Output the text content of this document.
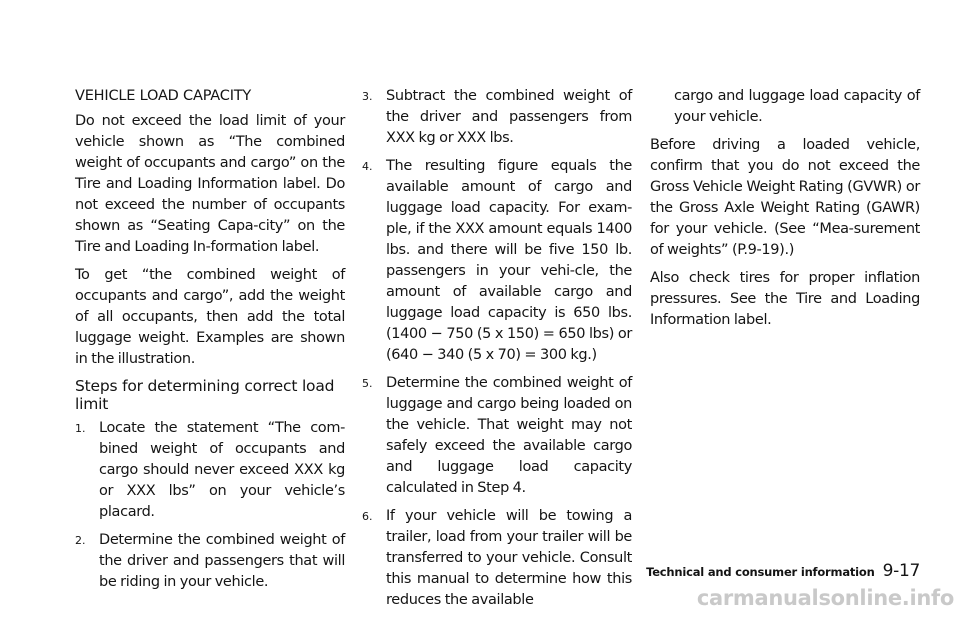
VEHICLE LOAD CAPACITY

Do not exceed the load limit of your vehicle shown as “The combined weight of occupants and cargo” on the Tire and Loading Information label. Do not exceed the number of occupants shown as “Seating Capa-city” on the Tire and Loading In-formation label.

To get “the combined weight of occupants and cargo”, add the weight of all occupants, then add the total luggage weight. Examples are shown in the illustration.

Steps for determining correct load limit
1. Locate the statement “The com-bined weight of occupants and cargo should never exceed XXX kg or XXX lbs” on your vehicle’s placard.
2. Determine the combined weight of the driver and passengers that will be riding in your vehicle.
3. Subtract the combined weight of the driver and passengers from XXX kg or XXX lbs.
4. The resulting figure equals the available amount of cargo and luggage load capacity. For exam-ple, if the XXX amount equals 1400 lbs. and there will be five 150 lb. passengers in your vehi-cle, the amount of available cargo and luggage load capacity is 650 lbs. (1400 − 750 (5 x 150) = 650 lbs) or (640 − 340 (5 x 70) = 300 kg.)
5. Determine the combined weight of luggage and cargo being loaded on the vehicle. That weight may not safely exceed the available cargo and luggage load capacity calculated in Step 4.
6. If your vehicle will be towing a trailer, load from your trailer will be transferred to your vehicle. Consult this manual to determine how this reduces the available

cargo and luggage load capacity of your vehicle.

Before driving a loaded vehicle, confirm that you do not exceed the Gross Vehicle Weight Rating (GVWR) or the Gross Axle Weight Rating (GAWR) for your vehicle. (See “Mea-surement of weights” (P.9-19).)

Also check tires for proper inflation pressures. See the Tire and Loading Information label.

Technical and consumer information 9-17
carmanualsonline.info
